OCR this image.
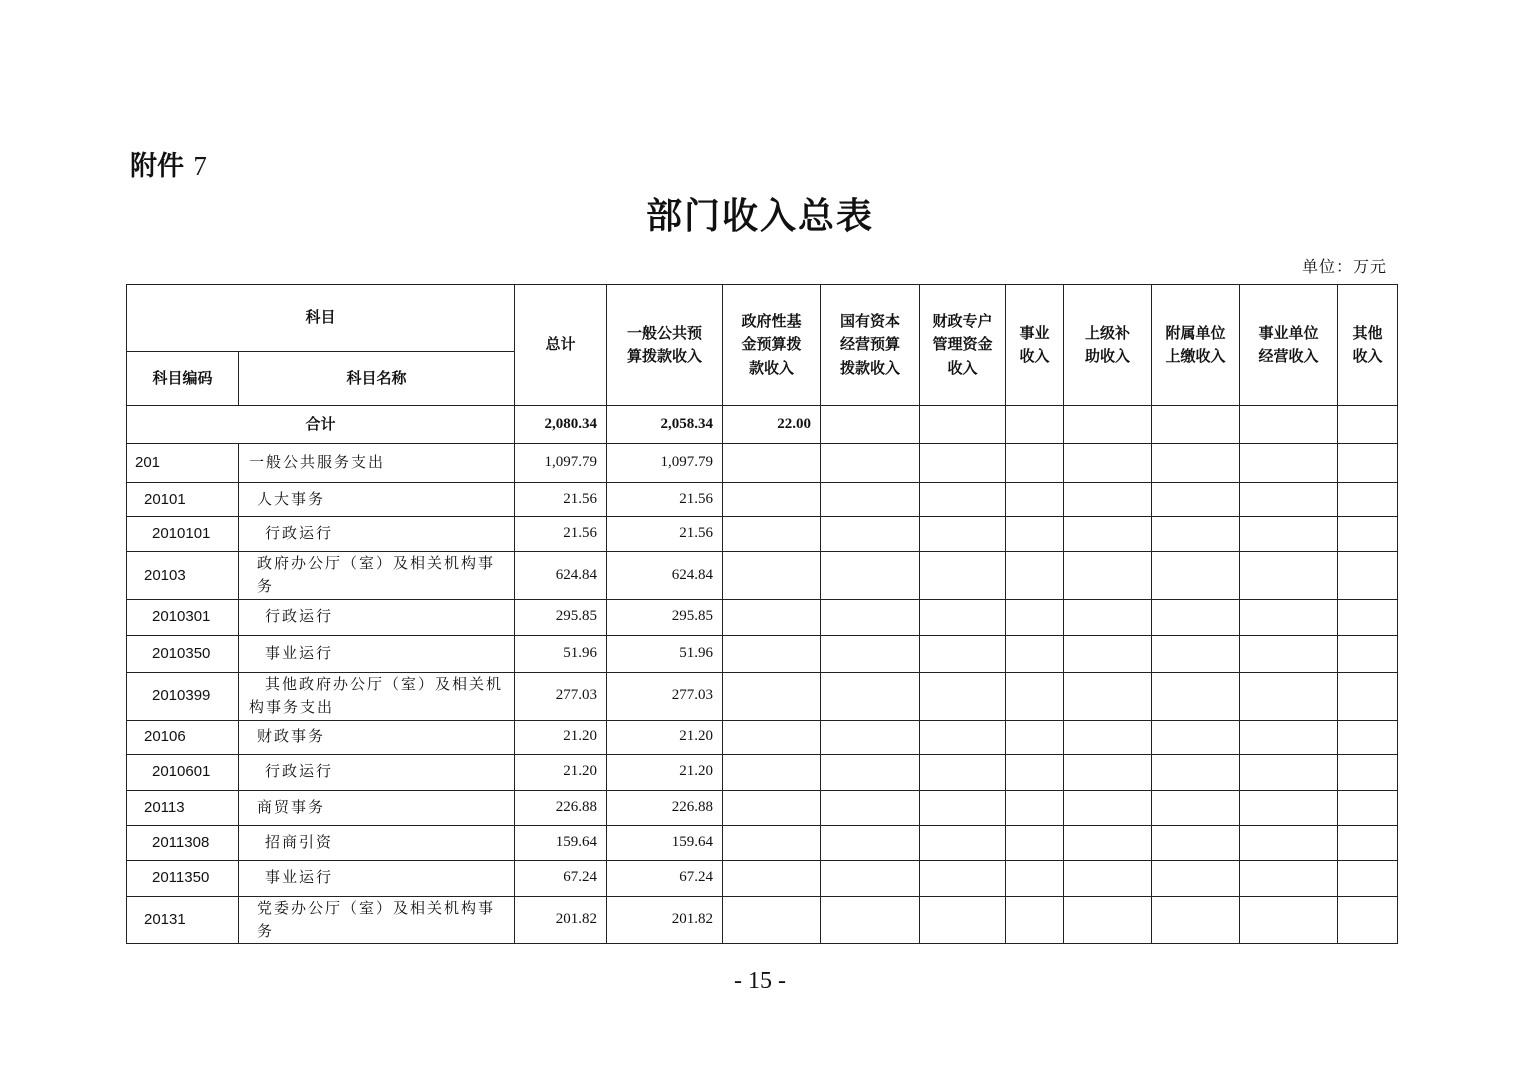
附件 7
部门收入总表
单位：万元
科目		总计	一般公共预算拨款收入	政府性基金预算拨款收入	国有资本经营预算拨款收入	财政专户管理资金收入	事业收入	上级补助收入	附属单位上缴收入	事业单位经营收入	其他收入
科目编码	科目名称										
合计		2,080.34	2,058.34	22.00							
201	一般公共服务支出	1,097.79	1,097.79								
20101	人大事务	21.56	21.56								
2010101	行政运行	21.56	21.56								
20103	政府办公厅（室）及相关机构事务	624.84	624.84								
2010301	行政运行	295.85	295.85								
2010350	事业运行	51.96	51.96								
2010399	其他政府办公厅（室）及相关机构事务支出	277.03	277.03								
20106	财政事务	21.20	21.20								
2010601	行政运行	21.20	21.20								
20113	商贸事务	226.88	226.88								
2011308	招商引资	159.64	159.64								
2011350	事业运行	67.24	67.24								
20131	党委办公厅（室）及相关机构事务	201.82	201.82								
- 15 -
